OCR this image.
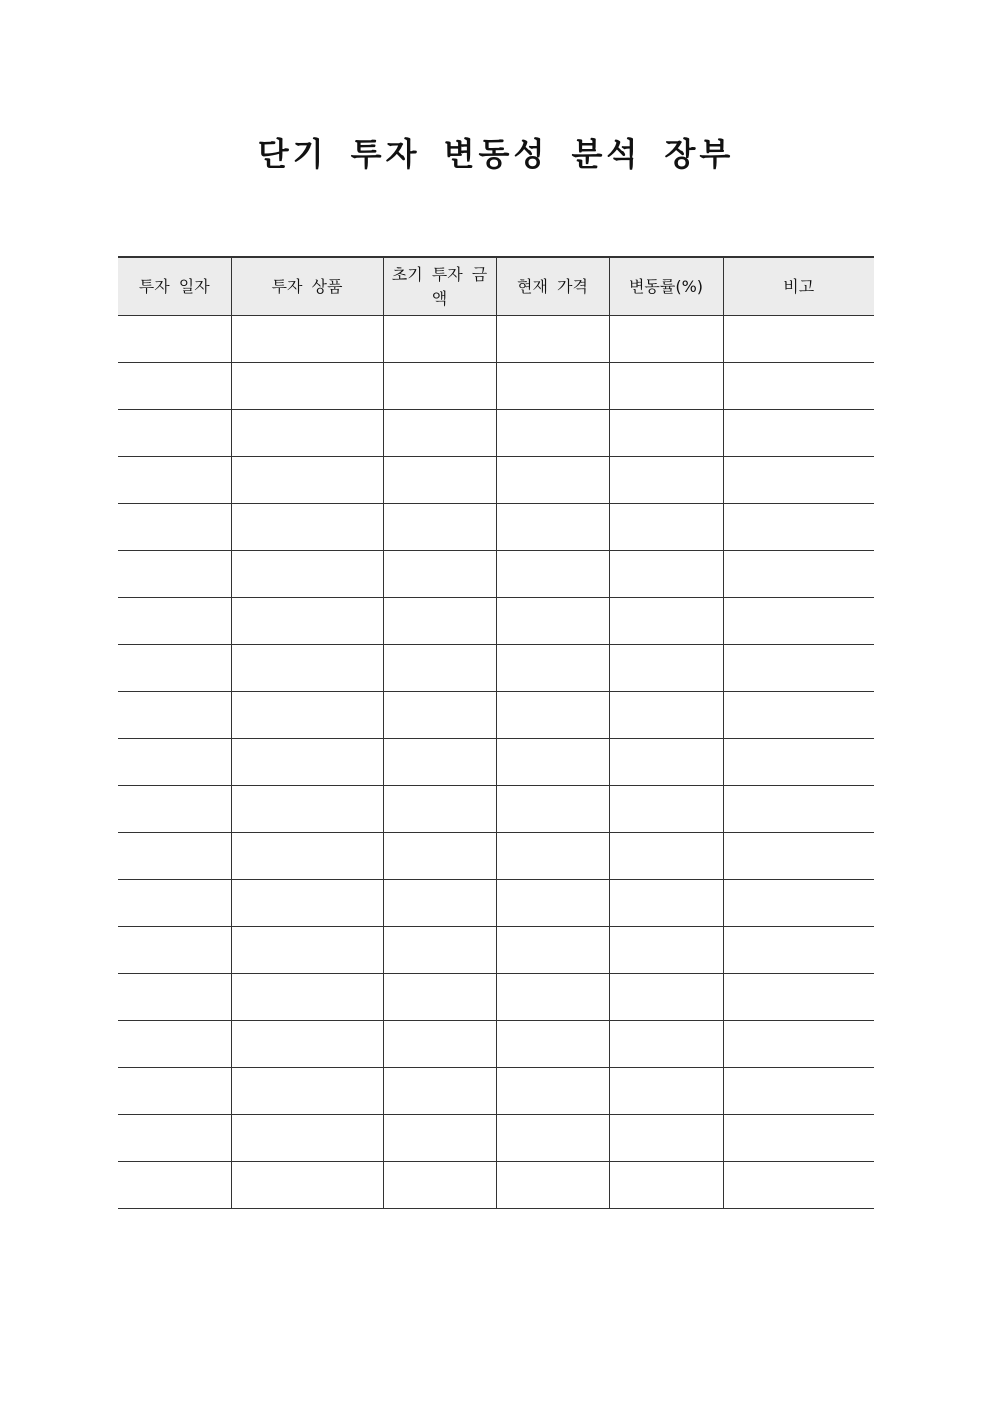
단기 투자 변동성 분석 장부
투자 일자	투자 상품	초기 투자 금액	현재 가격	변동률(%)	비고
